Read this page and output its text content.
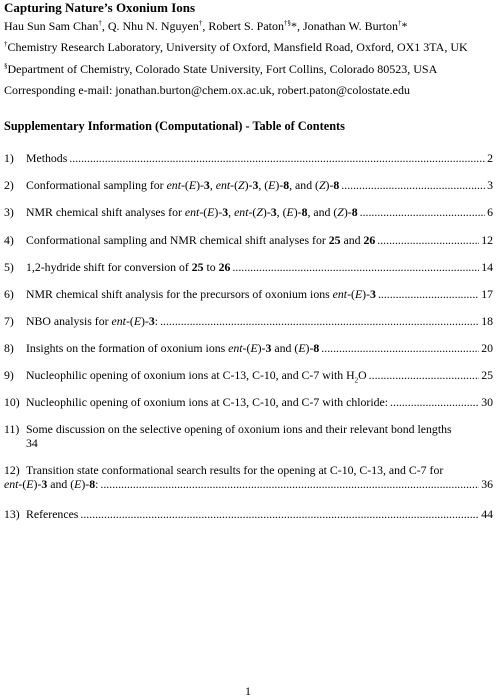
Capturing Nature’s Oxonium Ions
Hau Sun Sam Chan†, Q. Nhu N. Nguyen†, Robert S. Paton†§*, Jonathan W. Burton†*
†Chemistry Research Laboratory, University of Oxford, Mansfield Road, Oxford, OX1 3TA, UK
§Department of Chemistry, Colorado State University, Fort Collins, Colorado 80523, USA
Corresponding e-mail: jonathan.burton@chem.ox.ac.uk, robert.paton@colostate.edu
Supplementary Information (Computational) - Table of Contents
1)	Methods .....	2
2)	Conformational sampling for ent-(E)-3, ent-(Z)-3, (E)-8, and (Z)-8 .....	3
3)	NMR chemical shift analyses for ent-(E)-3, ent-(Z)-3, (E)-8, and (Z)-8 .....	6
4)	Conformational sampling and NMR chemical shift analyses for 25 and 26 .....	12
5)	1,2-hydride shift for conversion of 25 to 26 .....	14
6)	NMR chemical shift analysis for the precursors of oxonium ions ent-(E)-3 .....	17
7)	NBO analysis for ent-(E)-3: .....	18
8)	Insights on the formation of oxonium ions ent-(E)-3 and (E)-8 .....	20
9)	Nucleophilic opening of oxonium ions at C-13, C-10, and C-7 with $H_2O$ .....	25
10) Nucleophilic opening of oxonium ions at C-13, C-10, and C-7 with chloride: .....	30
11) Some discussion on the selective opening of oxonium ions and their relevant bond lengths
34
12) Transition state conformational search results for the opening at C-10, C-13, and C-7 for
ent-(E)-3 and (E)-8: .....	36
13) References .....	44
1
